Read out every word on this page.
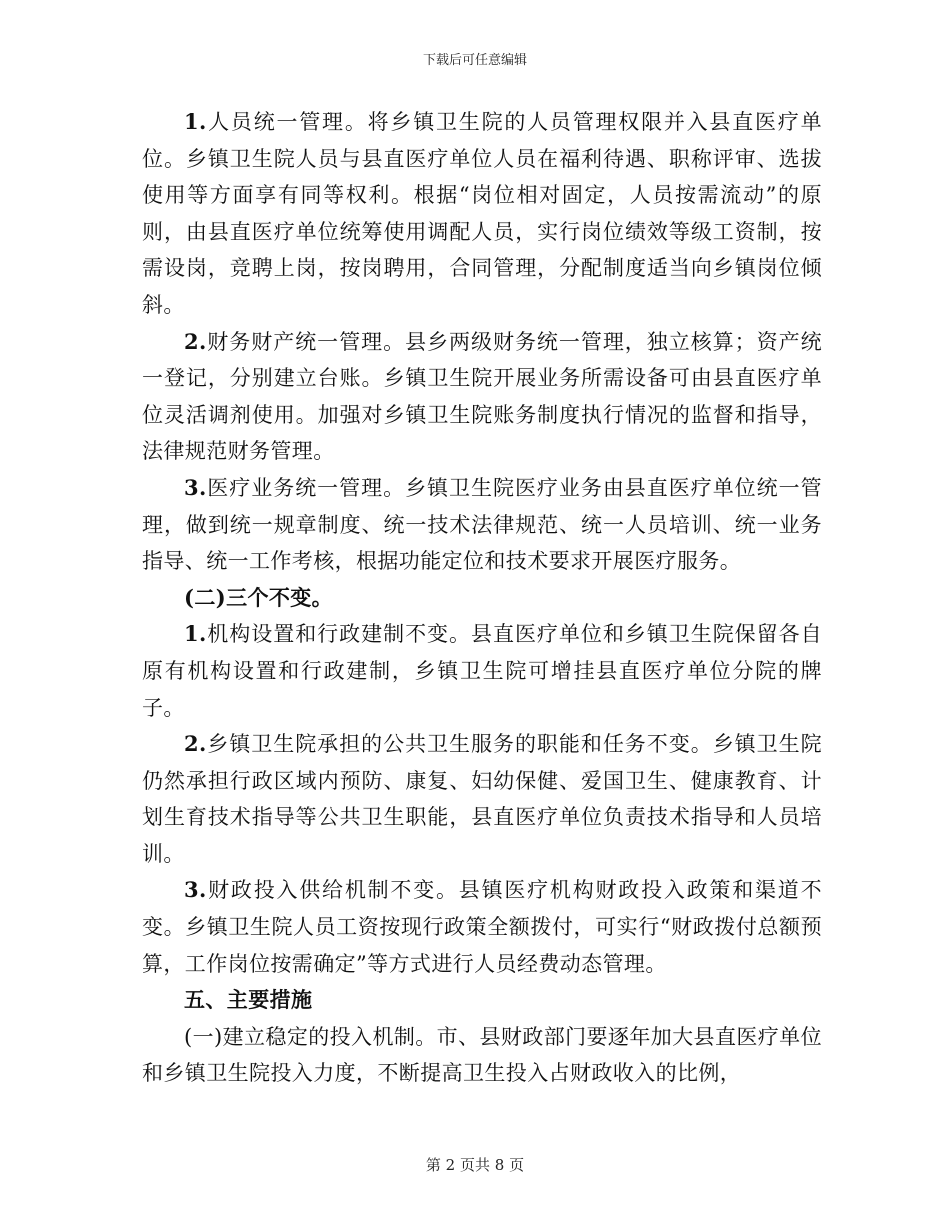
下载后可任意编辑

1.人员统一管理。将乡镇卫生院的人员管理权限并入县直医疗单位。乡镇卫生院人员与县直医疗单位人员在福利待遇、职称评审、选拔使用等方面享有同等权利。根据“岗位相对固定，人员按需流动”的原则，由县直医疗单位统筹使用调配人员，实行岗位绩效等级工资制，按需设岗，竞聘上岗，按岗聘用，合同管理，分配制度适当向乡镇岗位倾斜。

2.财务财产统一管理。县乡两级财务统一管理，独立核算；资产统一登记，分别建立台账。乡镇卫生院开展业务所需设备可由县直医疗单位灵活调剂使用。加强对乡镇卫生院账务制度执行情况的监督和指导，法律规范财务管理。

3.医疗业务统一管理。乡镇卫生院医疗业务由县直医疗单位统一管理，做到统一规章制度、统一技术法律规范、统一人员培训、统一业务指导、统一工作考核，根据功能定位和技术要求开展医疗服务。

(二)三个不变。

1.机构设置和行政建制不变。县直医疗单位和乡镇卫生院保留各自原有机构设置和行政建制，乡镇卫生院可增挂县直医疗单位分院的牌子。

2.乡镇卫生院承担的公共卫生服务的职能和任务不变。乡镇卫生院仍然承担行政区域内预防、康复、妇幼保健、爱国卫生、健康教育、计划生育技术指导等公共卫生职能，县直医疗单位负责技术指导和人员培训。

3.财政投入供给机制不变。县镇医疗机构财政投入政策和渠道不变。乡镇卫生院人员工资按现行政策全额拨付，可实行“财政拨付总额预算，工作岗位按需确定”等方式进行人员经费动态管理。

五、主要措施

(一)建立稳定的投入机制。市、县财政部门要逐年加大县直医疗单位和乡镇卫生院投入力度，不断提高卫生投入占财政收入的比例，

第 2 页共 8 页
